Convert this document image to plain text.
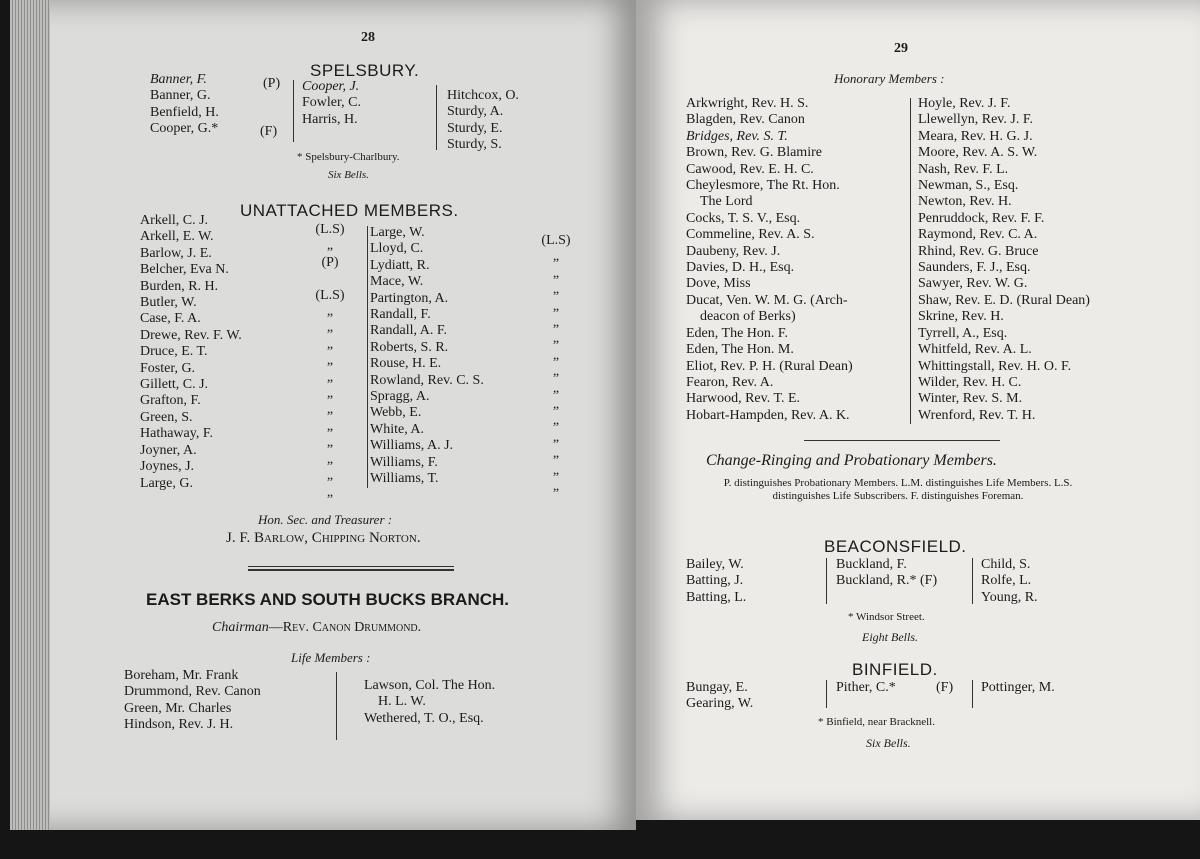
28
SPELSBURY.
Banner, F.
Banner, G.
Benfield, H.
Cooper, G.*
(P)
(F)
Cooper, J.
Fowler, C.
Harris, H.
Hitchcox, O.
Sturdy, A.
Sturdy, E.
Sturdy, S.
* Spelsbury-Charlbury.
Six Bells.
UNATTACHED MEMBERS.
Arkell, C. J.
Arkell, E. W.
Barlow, J. E.
Belcher, Eva N.
Burden, R. H.
Butler, W.
Case, F. A.
Drewe, Rev. F. W.
Druce, E. T.
Foster, G.
Gillett, C. J.
Grafton, F.
Green, S.
Hathaway, F.
Joyner, A.
Joynes, J.
Large, G.
(L.S)
„
(P)

(L.S)
„
„
„
„
„
„
„
„
„
„
„
„
Large, W.
Lloyd, C.
Lydiatt, R.
Mace, W.
Partington, A.
Randall, F.
Randall, A. F.
Roberts, S. R.
Rouse, H. E.
Rowland, Rev. C. S.
Spragg, A.
Webb, E.
White, A.
Williams, A. J.
Williams, F.
Williams, T.
(L.S)
„
„
„
„
„
„
„
„
„
„
„
„
„
„
„
Hon. Sec. and Treasurer :
J. F. Barlow, Chipping Norton.
EAST BERKS AND SOUTH BUCKS BRANCH.
Chairman—Rev. Canon Drummond.
Life Members :
Boreham, Mr. Frank
Drummond, Rev. Canon
Green, Mr. Charles
Hindson, Rev. J. H.
Lawson, Col. The Hon.
H. L. W.
Wethered, T. O., Esq.
29
Honorary Members :
Arkwright, Rev. H. S.
Blagden, Rev. Canon
Bridges, Rev. S. T.
Brown, Rev. G. Blamire
Cawood, Rev. E. H. C.
Cheylesmore, The Rt. Hon.
The Lord
Cocks, T. S. V., Esq.
Commeline, Rev. A. S.
Daubeny, Rev. J.
Davies, D. H., Esq.
Dove, Miss
Ducat, Ven. W. M. G. (Arch-
deacon of Berks)
Eden, The Hon. F.
Eden, The Hon. M.
Eliot, Rev. P. H. (Rural Dean)
Fearon, Rev. A.
Harwood, Rev. T. E.
Hobart-Hampden, Rev. A. K.
Hoyle, Rev. J. F.
Llewellyn, Rev. J. F.
Meara, Rev. H. G. J.
Moore, Rev. A. S. W.
Nash, Rev. F. L.
Newman, S., Esq.
Newton, Rev. H.
Penruddock, Rev. F. F.
Raymond, Rev. C. A.
Rhind, Rev. G. Bruce
Saunders, F. J., Esq.
Sawyer, Rev. W. G.
Shaw, Rev. E. D. (Rural Dean)
Skrine, Rev. H.
Tyrrell, A., Esq.
Whitfeld, Rev. A. L.
Whittingstall, Rev. H. O. F.
Wilder, Rev. H. C.
Winter, Rev. S. M.
Wrenford, Rev. T. H.
Change-Ringing and Probationary Members.
P. distinguishes Probationary Members. L.M. distinguishes Life Members. L.S. distinguishes Life Subscribers. F. distinguishes Foreman.
BEACONSFIELD.
Bailey, W.
Batting, J.
Batting, L.
Buckland, F.
Buckland, R.* (F)
Child, S.
Rolfe, L.
Young, R.
* Windsor Street.
Eight Bells.
BINFIELD.
Bungay, E.
Gearing, W.
Pither, C.*	(F) Pottinger, M.
* Binfield, near Bracknell.
Six Bells.
